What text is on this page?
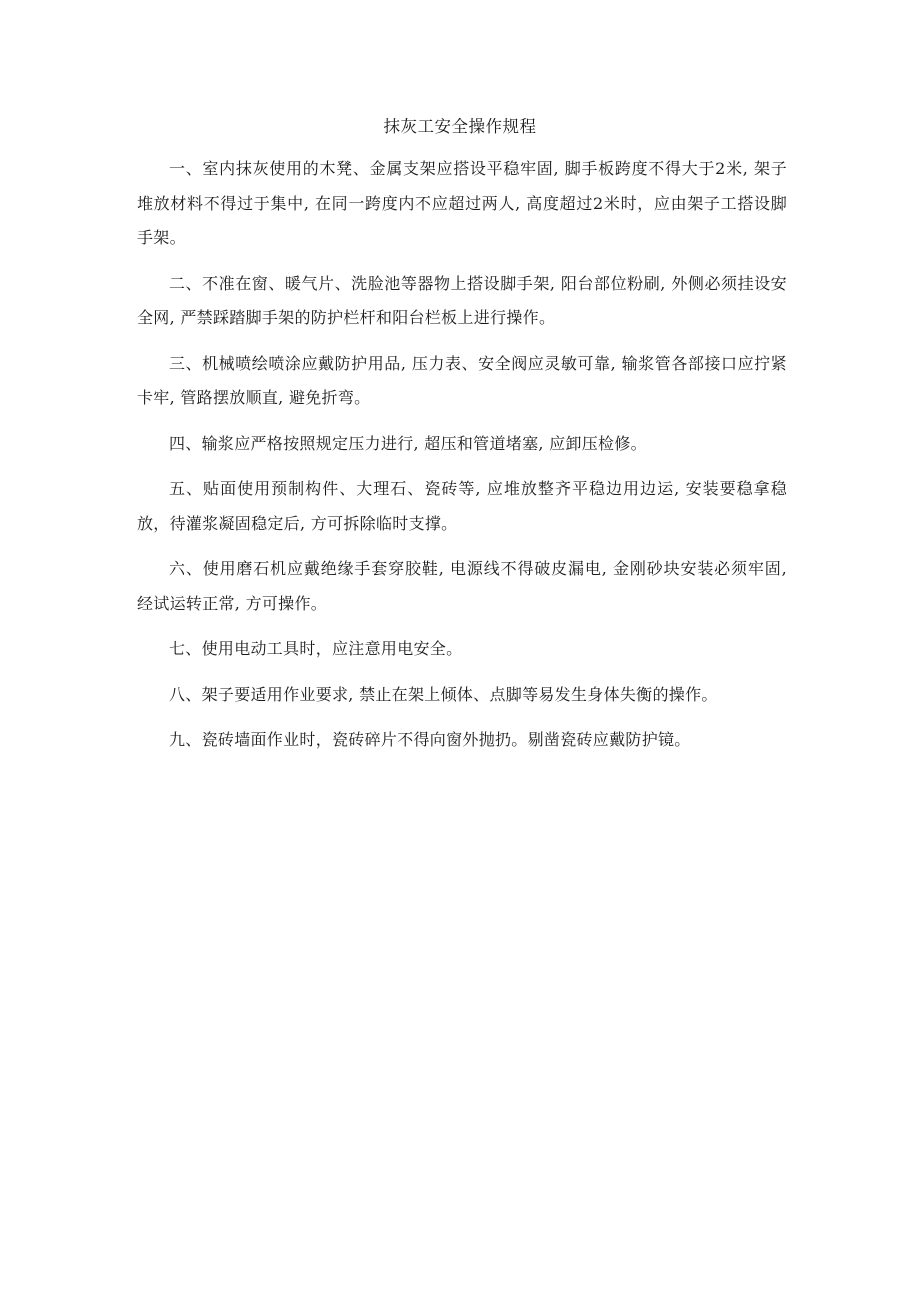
抹灰工安全操作规程

一、室内抹灰使用的木凳、金属支架应搭设平稳牢固, 脚手板跨度不得大于2米, 架子堆放材料不得过于集中, 在同一跨度内不应超过两人, 高度超过2米时，应由架子工搭设脚手架。

二、不准在窗、暖气片、洗脸池等器物上搭设脚手架, 阳台部位粉刷, 外侧必须挂设安全网, 严禁踩踏脚手架的防护栏杆和阳台栏板上进行操作。

三、机械喷绘喷涂应戴防护用品, 压力表、安全阀应灵敏可靠, 输浆管各部接口应拧紧卡牢, 管路摆放顺直, 避免折弯。

四、输浆应严格按照规定压力进行, 超压和管道堵塞, 应卸压检修。

五、贴面使用预制构件、大理石、瓷砖等, 应堆放整齐平稳边用边运, 安装要稳拿稳放，待灌浆凝固稳定后, 方可拆除临时支撑。

六、使用磨石机应戴绝缘手套穿胶鞋, 电源线不得破皮漏电, 金刚砂块安装必须牢固, 经试运转正常, 方可操作。

七、使用电动工具时，应注意用电安全。

八、架子要适用作业要求, 禁止在架上倾体、点脚等易发生身体失衡的操作。

九、瓷砖墙面作业时，瓷砖碎片不得向窗外抛扔。剔凿瓷砖应戴防护镜。
